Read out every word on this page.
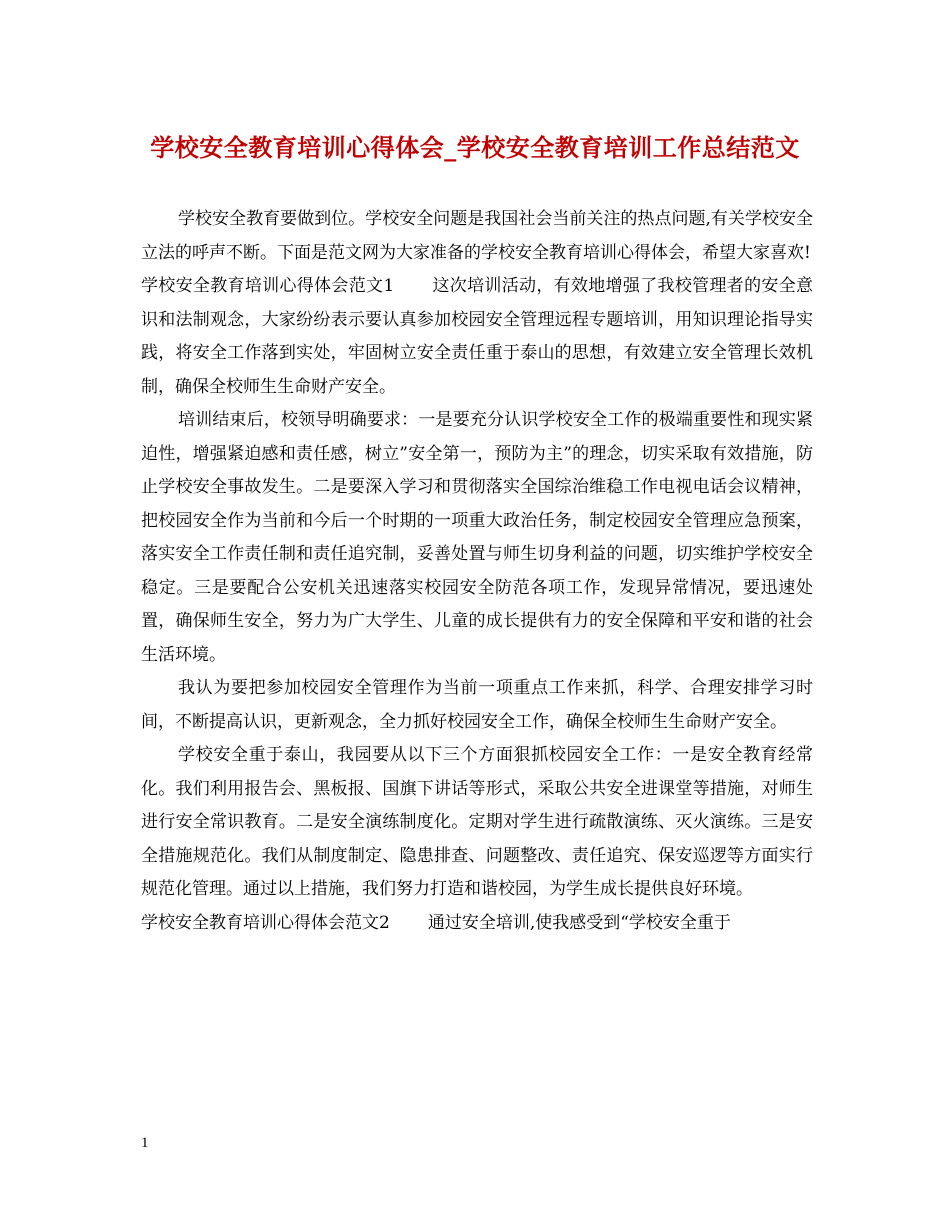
学校安全教育培训心得体会_学校安全教育培训工作总结范文

学校安全教育要做到位。学校安全问题是我国社会当前关注的热点问题,有关学校安全立法的呼声不断。下面是范文网为大家准备的学校安全教育培训心得体会，希望大家喜欢!

学校安全教育培训心得体会范文1 这次培训活动，有效地增强了我校管理者的安全意识和法制观念，大家纷纷表示要认真参加校园安全管理远程专题培训，用知识理论指导实践，将安全工作落到实处，牢固树立安全责任重于泰山的思想，有效建立安全管理长效机制，确保全校师生生命财产安全。

培训结束后，校领导明确要求：一是要充分认识学校安全工作的极端重要性和现实紧迫性，增强紧迫感和责任感，树立”安全第一，预防为主”的理念，切实采取有效措施，防止学校安全事故发生。二是要深入学习和贯彻落实全国综治维稳工作电视电话会议精神，把校园安全作为当前和今后一个时期的一项重大政治任务，制定校园安全管理应急预案，落实安全工作责任制和责任追究制，妥善处置与师生切身利益的问题，切实维护学校安全稳定。三是要配合公安机关迅速落实校园安全防范各项工作，发现异常情况，要迅速处置，确保师生安全，努力为广大学生、儿童的成长提供有力的安全保障和平安和谐的社会生活环境。

我认为要把参加校园安全管理作为当前一项重点工作来抓，科学、合理安排学习时间，不断提高认识，更新观念，全力抓好校园安全工作，确保全校师生生命财产安全。

学校安全重于泰山，我园要从以下三个方面狠抓校园安全工作：一是安全教育经常化。我们利用报告会、黑板报、国旗下讲话等形式，采取公共安全进课堂等措施，对师生进行安全常识教育。二是安全演练制度化。定期对学生进行疏散演练、灭火演练。三是安全措施规范化。我们从制度制定、隐患排查、问题整改、责任追究、保安巡逻等方面实行规范化管理。通过以上措施，我们努力打造和谐校园，为学生成长提供良好环境。

学校安全教育培训心得体会范文2 通过安全培训,使我感受到“学校安全重于

1
